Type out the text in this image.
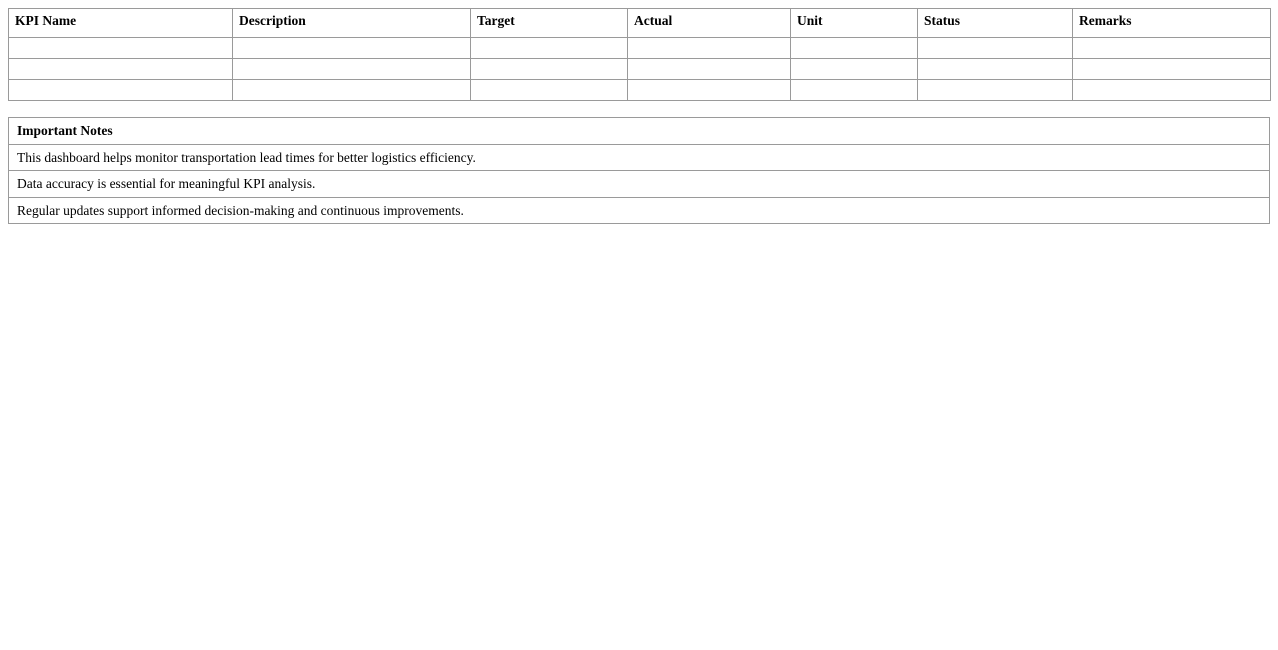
KPI Name	Description	Target	Actual	Unit	Status	Remarks

Important Notes
This dashboard helps monitor transportation lead times for better logistics efficiency.
Data accuracy is essential for meaningful KPI analysis.
Regular updates support informed decision-making and continuous improvements.
